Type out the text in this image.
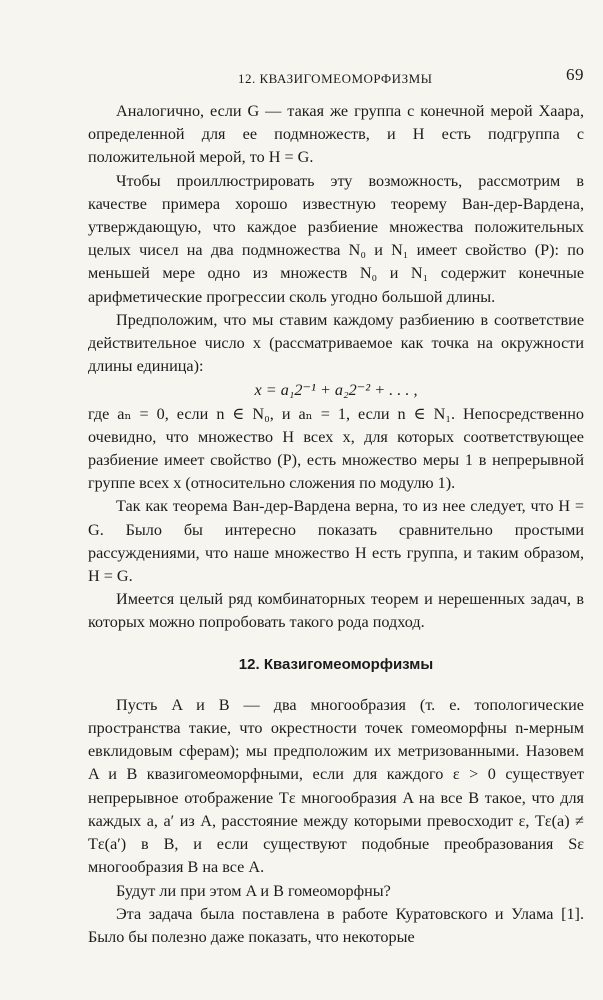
12. КВАЗИГОМЕОМОРФИЗМЫ	69

Аналогично, если G — такая же группа с конечной мерой Хаара, определенной для ее подмножеств, и H есть подгруппа с положительной мерой, то H = G.

Чтобы проиллюстрировать эту возможность, рассмотрим в качестве примера хорошо известную теорему Ван-дер-Вардена, утверждающую, что каждое разбиение множества положительных целых чисел на два подмножества N₀ и N₁ имеет свойство (P): по меньшей мере одно из множеств N₀ и N₁ содержит конечные арифметические прогрессии сколь угодно большой длины.

Предположим, что мы ставим каждому разбиению в соответствие действительное число x (рассматриваемое как точка на окружности длины единица):

x = a₁2⁻¹ + a₂2⁻² + . . . ,

где aₙ = 0, если n ∈ N₀, и aₙ = 1, если n ∈ N₁. Непосредственно очевидно, что множество H всех x, для которых соответствующее разбиение имеет свойство (P), есть множество меры 1 в непрерывной группе всех x (относительно сложения по модулю 1).

Так как теорема Ван-дер-Вардена верна, то из нее следует, что H = G. Было бы интересно показать сравнительно простыми рассуждениями, что наше множество H есть группа, и таким образом, H = G.

Имеется целый ряд комбинаторных теорем и нерешенных задач, в которых можно попробовать такого рода подход.

12. Квазигомеоморфизмы

Пусть A и B — два многообразия (т. е. топологические пространства такие, что окрестности точек гомеоморфны n-мерным евклидовым сферам); мы предположим их метризованными. Назовем A и B квазигомеоморфными, если для каждого ε > 0 существует непрерывное отображение Tε многообразия A на все B такое, что для каждых a, a′ из A, расстояние между которыми превосходит ε, Tε(a) ≠ Tε(a′) в B, и если существуют подобные преобразования Sε многообразия B на все A.

Будут ли при этом A и B гомеоморфны?

Эта задача была поставлена в работе Куратовского и Улама [1]. Было бы полезно даже показать, что некоторые
